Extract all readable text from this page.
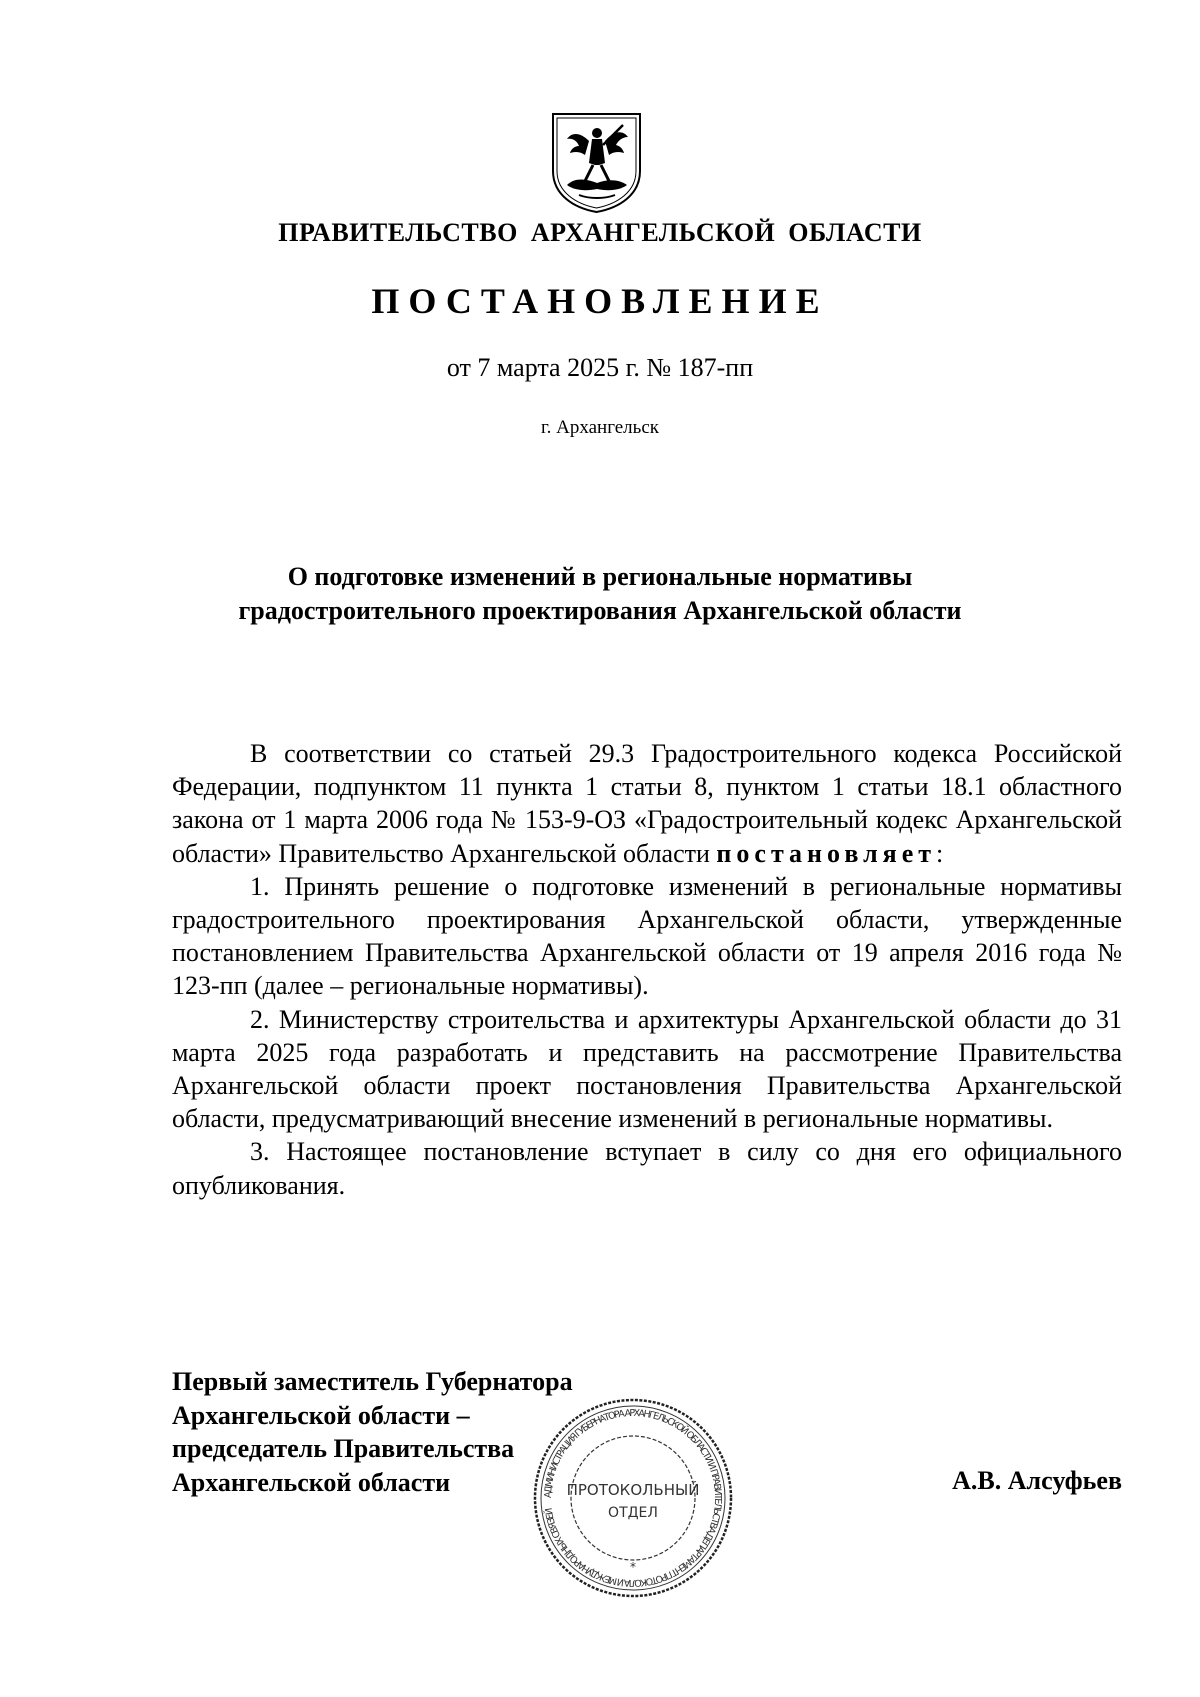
ПРАВИТЕЛЬСТВО АРХАНГЕЛЬСКОЙ ОБЛАСТИ
ПОСТАНОВЛЕНИЕ
от 7 марта 2025 г. № 187-пп
г. Архангельск
О подготовке изменений в региональные нормативы
градостроительного проектирования Архангельской области

В соответствии со статьей 29.3 Градостроительного кодекса Российской Федерации, подпунктом 11 пункта 1 статьи 8, пунктом 1 статьи 18.1 областного закона от 1 марта 2006 года № 153-9-ОЗ «Градостроительный кодекс Архангельской области» Правительство Архангельской области постановляет:

1. Принять решение о подготовке изменений в региональные нормативы градостроительного проектирования Архангельской области, утвержденные постановлением Правительства Архангельской области от 19 апреля 2016 года № 123-пп (далее – региональные нормативы).

2. Министерству строительства и архитектуры Архангельской области до 31 марта 2025 года разработать и представить на рассмотрение Правительства Архангельской области проект постановления Правительства Архангельской области, предусматривающий внесение изменений в региональные нормативы.

3. Настоящее постановление вступает в силу со дня его официального опубликования.

Первый заместитель Губернатора
Архангельской области –
председатель Правительства
Архангельской области	А.В. Алсуфьев
АДМИНИСТРАЦИЯ ГУБЕРНАТОРА АРХАНГЕЛЬСКОЙ ОБЛАСТИ И ПРАВИТЕЛЬСТВА ДЕПАРТАМЕНТ ПРОТОКОЛА И МЕЖДУНАРОДНЫХ СВЯЗЕЙ
ПРОТОКОЛЬНЫЙ
ОТДЕЛ
*
